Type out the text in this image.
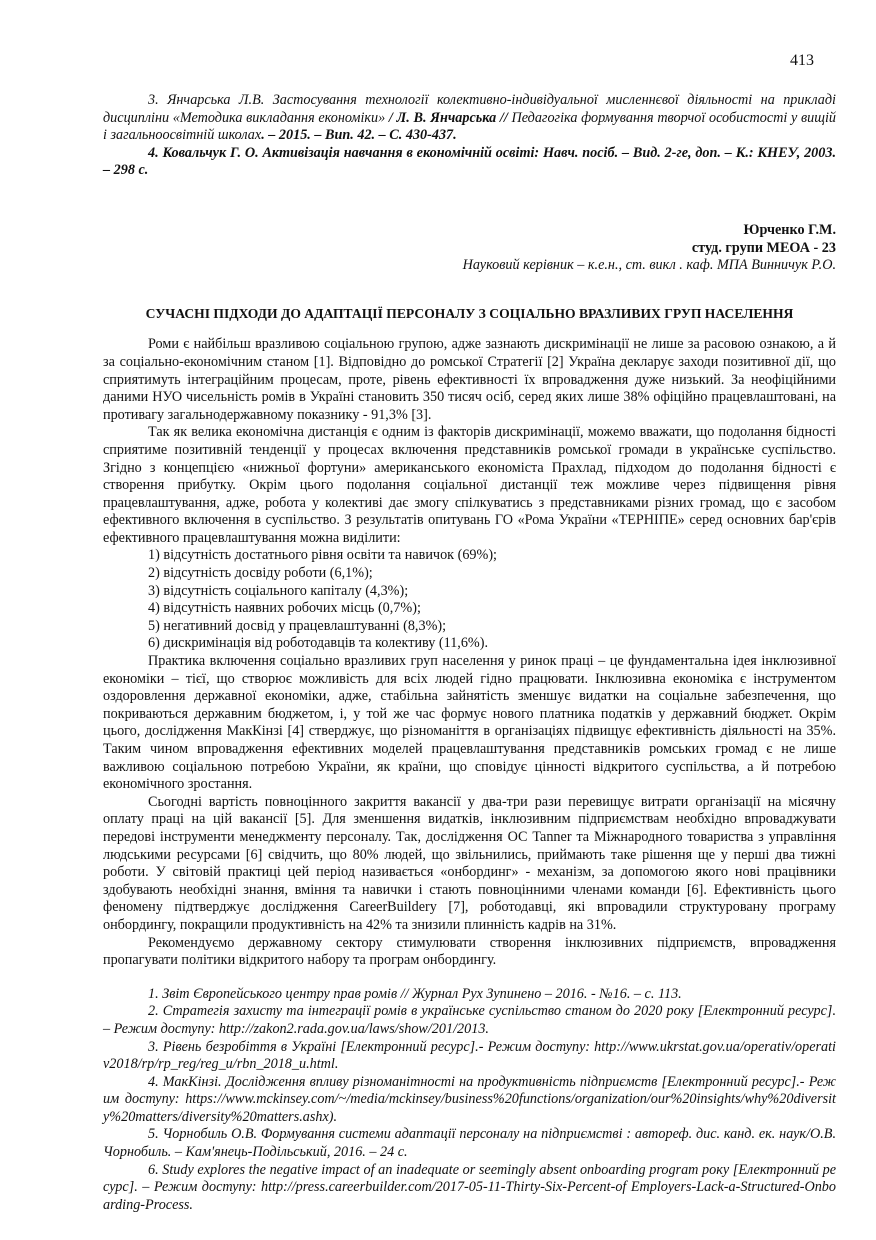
413

3. Янчарська Л.В. Застосування технології колективно-індивідуальної мисленнєвої діяльності на прикладі дисципліни «Методика викладання економіки» / Л. В. Янчарська // Педагогіка формування творчої особистості у вищій і загальноосвітній школах. – 2015. – Вип. 42. – С. 430-437.

4. Ковальчук Г. О. Активізація навчання в економічній освіті: Навч. посіб. – Вид. 2-ге, доп. – К.: КНЕУ, 2003. – 298 с.

Юрченко Г.М.

студ. групи МЕОА - 23

Науковий керівник – к.е.н., ст. викл . каф. МПА Винничук Р.О.

СУЧАСНІ ПІДХОДИ ДО АДАПТАЦІЇ ПЕРСОНАЛУ З СОЦІАЛЬНО ВРАЗЛИВИХ ГРУП НАСЕЛЕННЯ

Роми є найбільш вразливою соціальною групою, адже зазнають дискримінації не лише за расовою ознакою, а й за соціально-економічним станом [1]. Відповідно до ромської Стратегії [2] Україна декларує заходи позитивної дії, що сприятимуть інтеграційним процесам, проте, рівень ефективності їх впровадження дуже низький. За неофіційними даними НУО чисельність ромів в Україні становить 350 тисяч осіб, серед яких лише 38% офіційно працевлаштовані, на противагу загальнодержавному показнику - 91,3% [3].

Так як велика економічна дистанція є одним із факторів дискримінації, можемо вважати, що подолання бідності сприятиме позитивній тенденції у процесах включення представників ромської громади в українське суспільство. Згідно з концепцією «нижньої фортуни» американського економіста Прахлад, підходом до подолання бідності є створення прибутку. Окрім цього подолання соціальної дистанції теж можливе через підвищення рівня працевлаштування, адже, робота у колективі дає змогу спілкуватись з представниками різних громад, що є засобом ефективного включення в суспільство. З результатів опитувань ГО «Рома України «ТЕРНІПЕ» серед основних бар'єрів ефективного працевлаштування можна виділити:

1) відсутність достатнього рівня освіти та навичок (69%);

2) відсутність досвіду роботи (6,1%);

3) відсутність соціального капіталу (4,3%);

4) відсутність наявних робочих місць (0,7%);

5) негативний досвід у працевлаштуванні (8,3%);

6) дискримінація від роботодавців та колективу (11,6%).

Практика включення соціально вразливих груп населення у ринок праці – це фундаментальна ідея інклюзивної економіки – тієї, що створює можливість для всіх людей гідно працювати. Інклюзивна економіка є інструментом оздоровлення державної економіки, адже, стабільна зайнятість зменшує видатки на соціальне забезпечення, що покриваються державним бюджетом, і, у той же час формує нового платника податків у державний бюджет. Окрім цього, дослідження МакКінзі [4] стверджує, що різноманіття в організаціях підвищує ефективність діяльності на 35%. Таким чином впровадження ефективних моделей працевлаштування представників ромських громад є не лише важливою соціальною потребою України, як країни, що сповідує цінності відкритого суспільства, а й потребою економічного зростання.

Сьогодні вартість повноцінного закриття вакансії у два-три рази перевищує витрати організації на місячну оплату праці на цій вакансії [5]. Для зменшення видатків, інклюзивним підприємствам необхідно впроваджувати передові інструменти менеджменту персоналу. Так, дослідження ОС Tanner та Міжнародного товариства з управління людськими ресурсами [6] свідчить, що 80% людей, що звільнились, приймають таке рішення ще у перші два тижні роботи. У світовій практиці цей період називається «онбординг» - механізм, за допомогою якого нові працівники здобувають необхідні знання, вміння та навички і стають повноцінними членами команди [6]. Ефективність цього феномену підтверджує дослідження CareerBuildery [7], роботодавці, які впровадили структуровану програму онбордингу, покращили продуктивність на 42% та знизили плинність кадрів на 31%.

Рекомендуємо державному сектору стимулювати створення інклюзивних підприємств, впровадження пропагувати політики відкритого набору та програм онбордингу.

1. Звіт Європейського центру прав ромів // Журнал Рух Зупинено – 2016. - №16. – с. 113.

2. Стратегія захисту та інтеграції ромів в українське суспільство станом до 2020 року [Електронний ресурс]. – Режим доступу: http://zakon2.rada.gov.ua/laws/show/201/2013.

3. Рівень безробіття в Україні [Електронний ресурс].- Режим доступу: http://www.ukrstat.gov.ua/operativ/operativ2018/rp/rp_reg/reg_u/rbn_2018_u.html.

4. МакКінзі. Дослідження впливу різноманітності на продуктивність підприємств [Електронний ресурс].- Режим доступу: https://www.mckinsey.com/~/media/mckinsey/business%20functions/organization/our%20insights/why%20diversity%20matters/diversity%20matters.ashx).

5. Чорнобиль О.В. Формування системи адаптації персоналу на підприємстві : автореф. дис. канд. ек. наук/О.В. Чорнобиль. – Кам'янець-Подільський, 2016. – 24 с.

6. Study explores the negative impact of an inadequate or seemingly absent onboarding program року [Електронний ресурс]. – Режим доступу: http://press.careerbuilder.com/2017-05-11-Thirty-Six-Percent-of Employers-Lack-a-Structured-Onboarding-Process.
